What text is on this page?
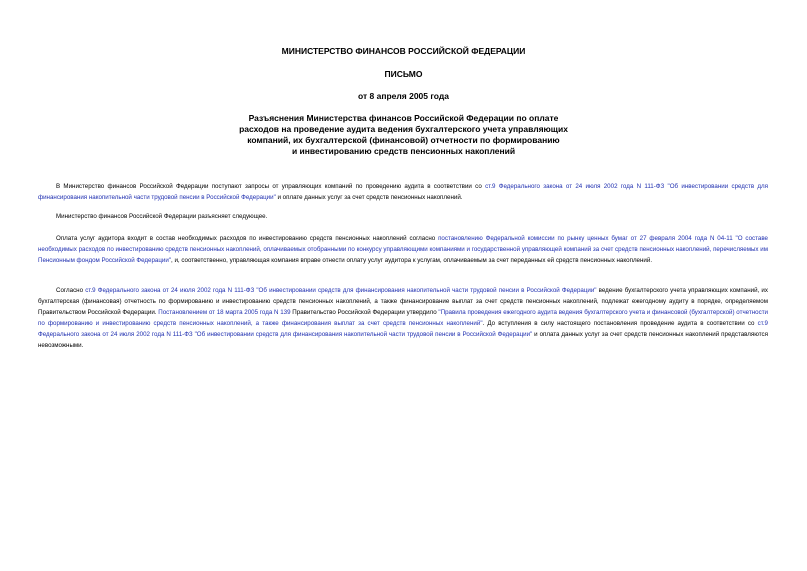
МИНИСТЕРСТВО ФИНАНСОВ РОССИЙСКОЙ ФЕДЕРАЦИИ
ПИСЬМО
от 8 апреля 2005 года
Разъяснения Министерства финансов Российской Федерации по оплате
расходов на проведение аудита ведения бухгалтерского учета управляющих
компаний, их бухгалтерской (финансовой) отчетности по формированию
и инвестированию средств пенсионных накоплений
В Министерство финансов Российской Федерации поступают запросы от управляющих компаний по проведению аудита в соответствии со ст.9 Федерального закона от 24 июля 2002 года N 111-ФЗ "Об инвестировании средств для финансирования накопительной части трудовой пенсии в Российской Федерации" и оплате данных услуг за счет средств пенсионных накоплений.
Министерство финансов Российской Федерации разъясняет следующее.
Оплата услуг аудитора входит в состав необходимых расходов по инвестированию средств пенсионных накоплений согласно постановлению Федеральной комиссии по рынку ценных бумаг от 27 февраля 2004 года N 04-11 "О составе необходимых расходов по инвестированию средств пенсионных накоплений, оплачиваемых отобранными по конкурсу управляющими компаниями и государственной управляющей компаний за счет средств пенсионных накоплений, перечисляемых им Пенсионным фондом Российской Федерации", и, соответственно, управляющая компания вправе отнести оплату услуг аудитора к услугам, оплачиваемым за счет переданных ей средств пенсионных накоплений.
Согласно ст.9 Федерального закона от 24 июля 2002 года N 111-ФЗ "Об инвестировании средств для финансирования накопительной части трудовой пенсии в Российской Федерации" ведение бухгалтерского учета управляющих компаний, их бухгалтерская (финансовая) отчетность по формированию и инвестированию средств пенсионных накоплений, а также финансирование выплат за счет средств пенсионных накоплений, подлежат ежегодному аудиту в порядке, определяемом Правительством Российской Федерации. Постановлением от 18 марта 2005 года N 139 Правительство Российской Федерации утвердило "Правила проведения ежегодного аудита ведения бухгалтерского учета и финансовой (бухгалтерской) отчетности по формированию и инвестированию средств пенсионных накоплений, а также финансирования выплат за счет средств пенсионных накоплений". До вступления в силу настоящего постановления проведение аудита в соответствии со ст.9 Федерального закона от 24 июля 2002 года N 111-ФЗ "Об инвестировании средств для финансирования накопительной части трудовой пенсии в Российской Федерации" и оплата данных услуг за счет средств пенсионных накоплений представляются невозможными.
